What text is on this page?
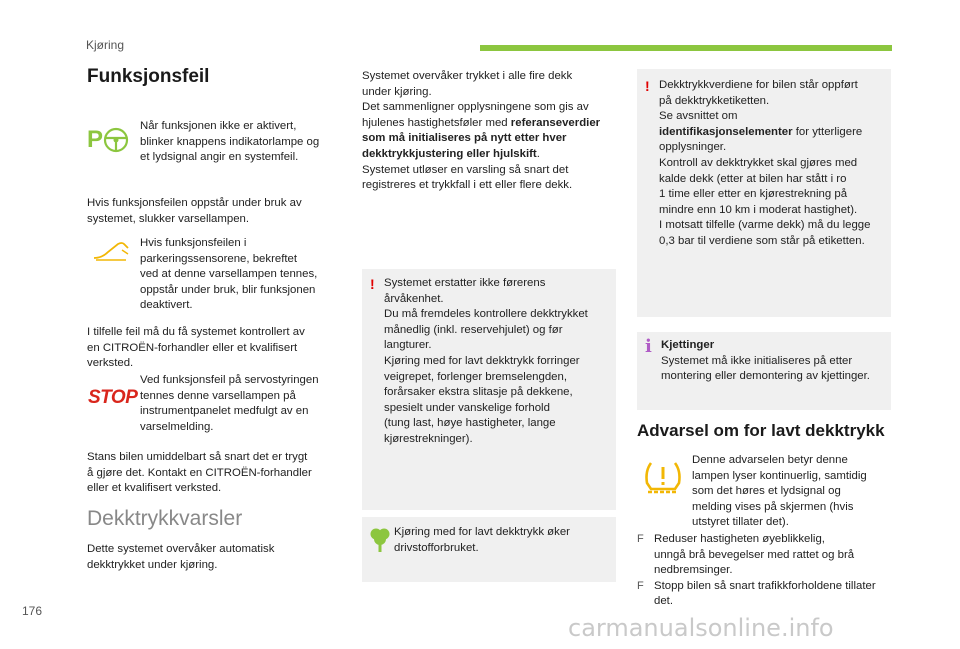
Kjøring
Funksjonsfeil
P	Når funksjonen ikke er aktivert,
blinker knappens indikatorlampe og
et lydsignal angir en systemfeil.
Hvis funksjonsfeilen oppstår under bruk av
systemet, slukker varsellampen.
Hvis funksjonsfeilen i
parkeringssensorene, bekreftet
ved at denne varsellampen tennes,
oppstår under bruk, blir funksjonen
deaktivert.
I tilfelle feil må du få systemet kontrollert av
en CITROËN-forhandler eller et kvalifisert
verksted.
STOP
Ved funksjonsfeil på servostyringen
tennes denne varsellampen på
instrumentpanelet medfulgt av en
varselmelding.
Stans bilen umiddelbart så snart det er trygt
å gjøre det. Kontakt en CITROËN-forhandler
eller et kvalifisert verksted.
Dekktrykkvarsler
Dette systemet overvåker automatisk
dekktrykket under kjøring.
Systemet overvåker trykket i alle fire dekk
under kjøring.
Det sammenligner opplysningene som gis av
hjulenes hastighetsføler med referanseverdier
som må initialiseres på nytt etter hver
dekktrykkjustering eller hjulskift.
Systemet utløser en varsling så snart det
registreres et trykkfall i ett eller flere dekk.
! Systemet erstatter ikke førerens
årvåkenhet.
Du må fremdeles kontrollere dekktrykket
månedlig (inkl. reservehjulet) og før
langturer.
Kjøring med for lavt dekktrykk forringer
veigrepet, forlenger bremselengden,
forårsaker ekstra slitasje på dekkene,
spesielt under vanskelige forhold
(tung last, høye hastigheter, lange
kjørestrekninger).
Kjøring med for lavt dekktrykk øker
drivstofforbruket.
! Dekktrykkverdiene for bilen står oppført
på dekktrykketiketten.
Se avsnittet om
identifikasjonselementer for ytterligere
opplysninger.
Kontroll av dekktrykket skal gjøres med
kalde dekk (etter at bilen har stått i ro
1 time eller etter en kjørestrekning på
mindre enn 10 km i moderat hastighet).
I motsatt tilfelle (varme dekk) må du legge
0,3 bar til verdiene som står på etiketten.
i Kjettinger
Systemet må ikke initialiseres på etter
montering eller demontering av kjettinger.
Advarsel om for lavt dekktrykk
Denne advarselen betyr denne
lampen lyser kontinuerlig, samtidig
som det høres et lydsignal og
melding vises på skjermen (hvis
utstyret tillater det).
F Reduser hastigheten øyeblikkelig,
unngå brå bevegelser med rattet og brå
nedbremsinger.
F Stopp bilen så snart trafikkforholdene tillater
det.
176
carmanualsonline.info
